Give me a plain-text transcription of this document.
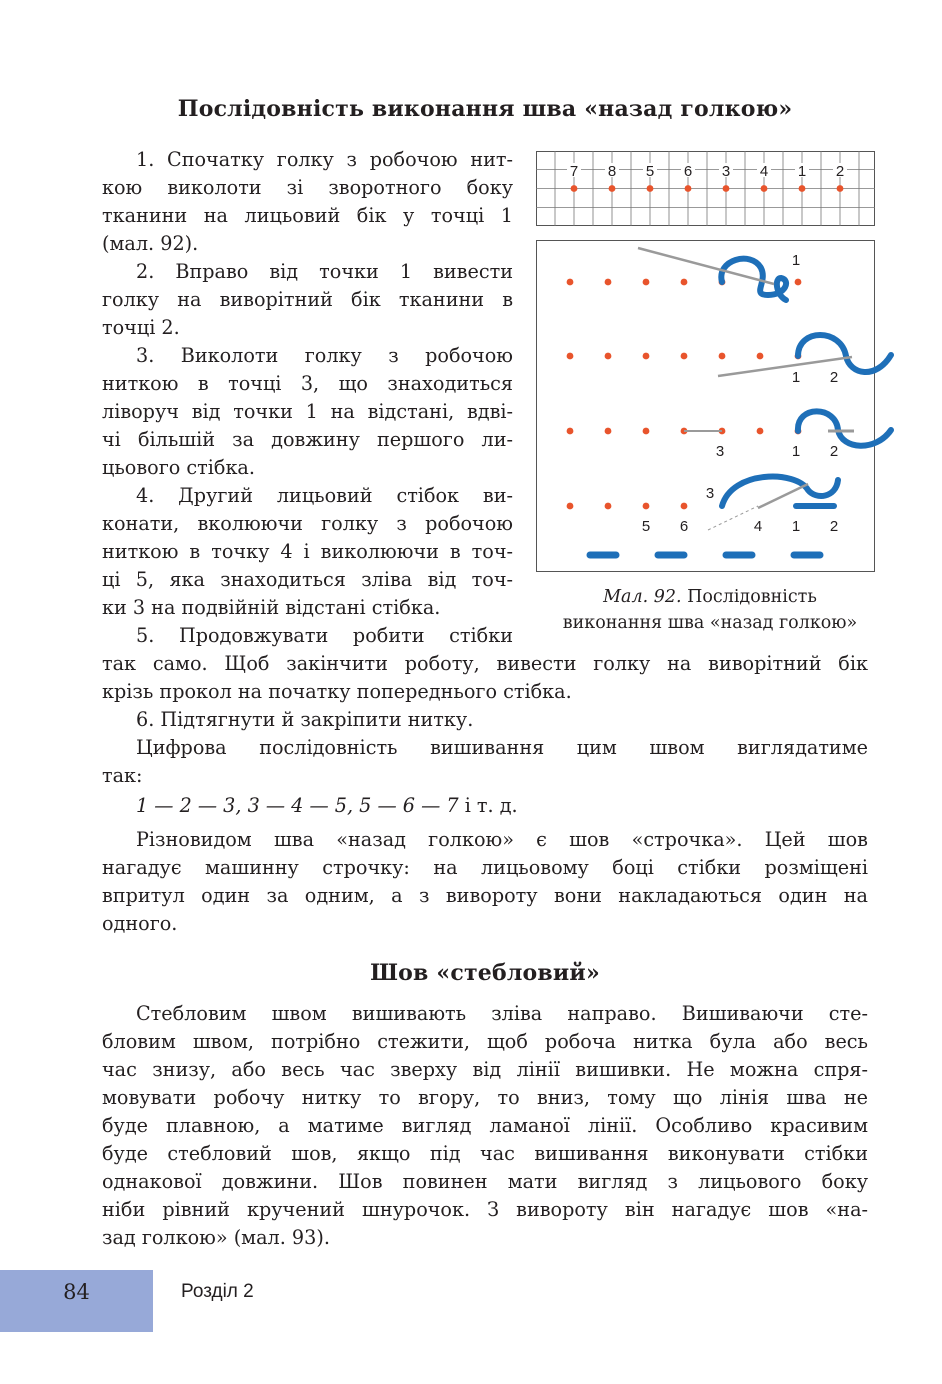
Послідовність виконання шва «назад голкою»
1. Спочатку голку з робочою нит-
кою виколоти зі зворотного боку
тканини на лицьовий бік у точці 1
(мал. 92).
2. Вправо від точки 1 вивести
голку на виворітний бік тканини в
точці 2.
3. Виколоти голку з робочою
ниткою в точці 3, що знаходиться
ліворуч від точки 1 на відстані, вдві-
чі більшій за довжину першого ли-
цьового стібка.
4. Другий лицьовий стібок ви-
конати, вколюючи голку з робочою
ниткою в точку 4 і виколюючи в точ-
ці 5, яка знаходиться зліва від точ-
ки 3 на подвійній відстані стібка.
5. Продовжувати робити стібки
так само. Щоб закінчити роботу, вивести голку на виворітний бік
крізь прокол на початку попереднього стібка.
6. Підтягнути й закріпити нитку.
Цифрова послідовність вишивання цим швом виглядатиме
так:
1 — 2 — 3, 3 — 4 — 5, 5 — 6 — 7 і т. д.
Різновидом шва «назад голкою» є шов «строчка». Цей шов
нагадує машинну строчку: на лицьовому боці стібки розміщені
впритул один за одним, а з вивороту вони накладаються один на
одного.
Шов «стебловий»
Стебловим швом вишивають зліва направо. Вишиваючи сте-
бловим швом, потрібно стежити, щоб робоча нитка була або весь
час знизу, або весь час зверху від лінії вишивки. Не можна спря-
мовувати робочу нитку то вгору, то вниз, тому що лінія шва не
буде плавною, а матиме вигляд ламаної лінії. Особливо красивим
буде стебловий шов, якщо під час вишивання виконувати стібки
однакової довжини. Шов повинен мати вигляд з лицьового боку
ніби рівний кручений шнурочок. З вивороту він нагадує шов «на-
зад голкою» (мал. 93).
7 8 5 6 3 4 1 2
1
1 2
3	1 2
3
5 6	4 1 2
Мал. 92. Послідовність
виконання шва «назад голкою»
84	Розділ 2
